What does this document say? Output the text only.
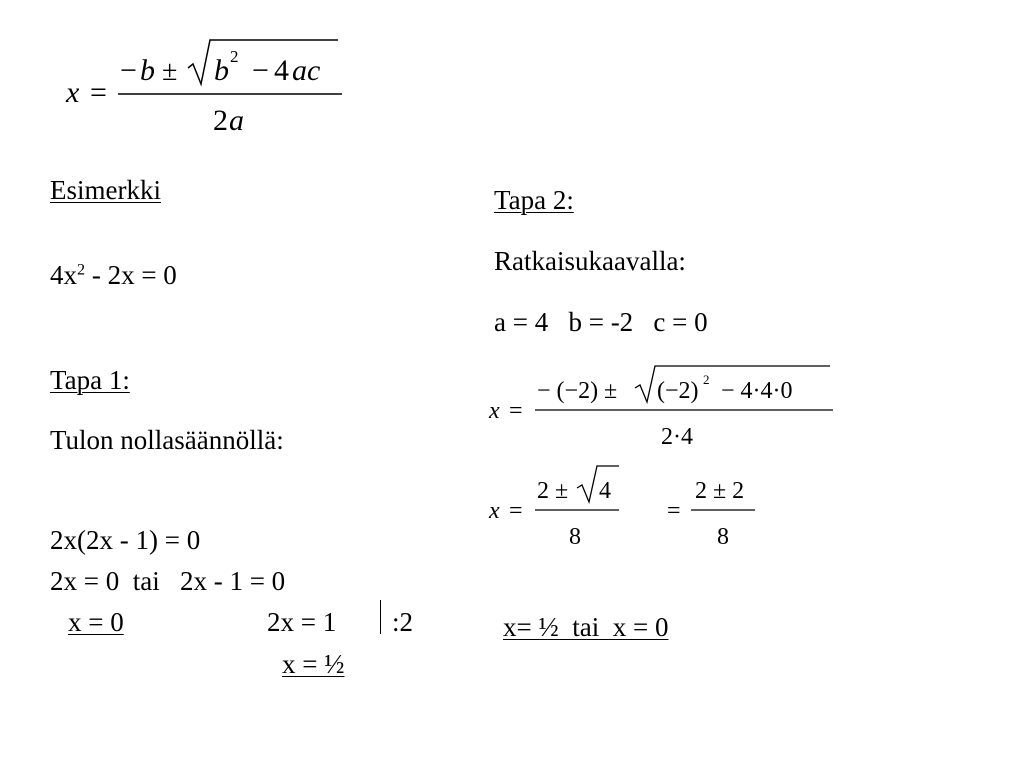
x =
− b ± b 2 − 4 ac
2 a
Esimerkki
$4x^2 - 2x = 0$
Tapa 1:
Tulon nollasäännöllä:
2x(2x - 1) = 0
2x = 0  tai   2x - 1 = 0
x = 0	2x = 1 :2
x = ½
Tapa 2:
Ratkaisukaavalla:
a = 4   b = -2   c = 0
x =
− (−2) ± (−2) 2 − 4·4·0
2·4
x =
2 ± 4
8
=
2 ± 2
8
x= ½  tai  x = 0
